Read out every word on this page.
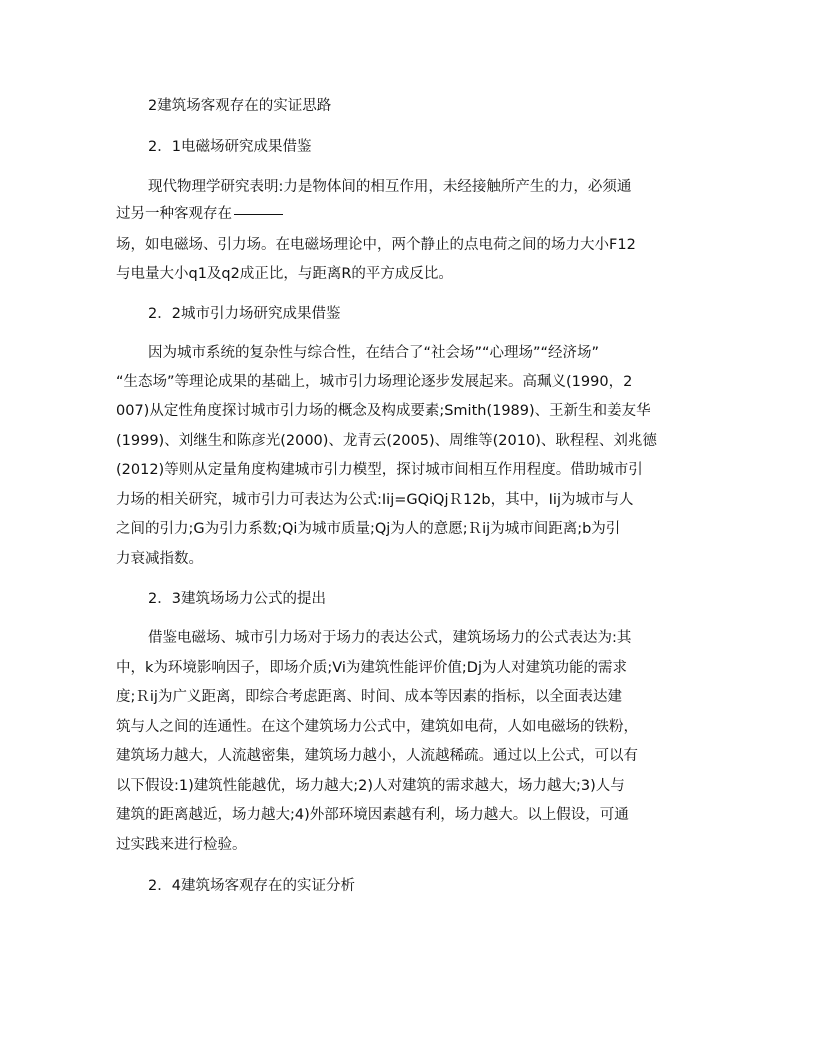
2建筑场客观存在的实证思路
2．1电磁场研究成果借鉴
现代物理学研究表明:力是物体间的相互作用，未经接触所产生的力，必须通
过另一种客观存在
场，如电磁场、引力场。在电磁场理论中，两个静止的点电荷之间的场力大小F12
与电量大小q1及q2成正比，与距离R的平方成反比。
2．2城市引力场研究成果借鉴
因为城市系统的复杂性与综合性，在结合了“社会场”“心理场”“经济场”
“生态场”等理论成果的基础上，城市引力场理论逐步发展起来。高珮义(1990，2
007)从定性角度探讨城市引力场的概念及构成要素;Smith(1989)、王新生和姜友华
(1999)、刘继生和陈彦光(2000)、龙青云(2005)、周维等(2010)、耿程程、刘兆德
(2012)等则从定量角度构建城市引力模型，探讨城市间相互作用程度。借助城市引
力场的相关研究，城市引力可表达为公式:Iij=GQiQjＲ12b，其中，Iij为城市与人
之间的引力;G为引力系数;Qi为城市质量;Qj为人的意愿;Ｒij为城市间距离;b为引
力衰减指数。
2．3建筑场场力公式的提出
借鉴电磁场、城市引力场对于场力的表达公式，建筑场场力的公式表达为:其
中，k为环境影响因子，即场介质;Vi为建筑性能评价值;Dj为人对建筑功能的需求
度;Ｒij为广义距离，即综合考虑距离、时间、成本等因素的指标，以全面表达建
筑与人之间的连通性。在这个建筑场力公式中，建筑如电荷，人如电磁场的铁粉，
建筑场力越大，人流越密集，建筑场力越小，人流越稀疏。通过以上公式，可以有
以下假设:1)建筑性能越优，场力越大;2)人对建筑的需求越大，场力越大;3)人与
建筑的距离越近，场力越大;4)外部环境因素越有利，场力越大。以上假设，可通
过实践来进行检验。
2．4建筑场客观存在的实证分析
